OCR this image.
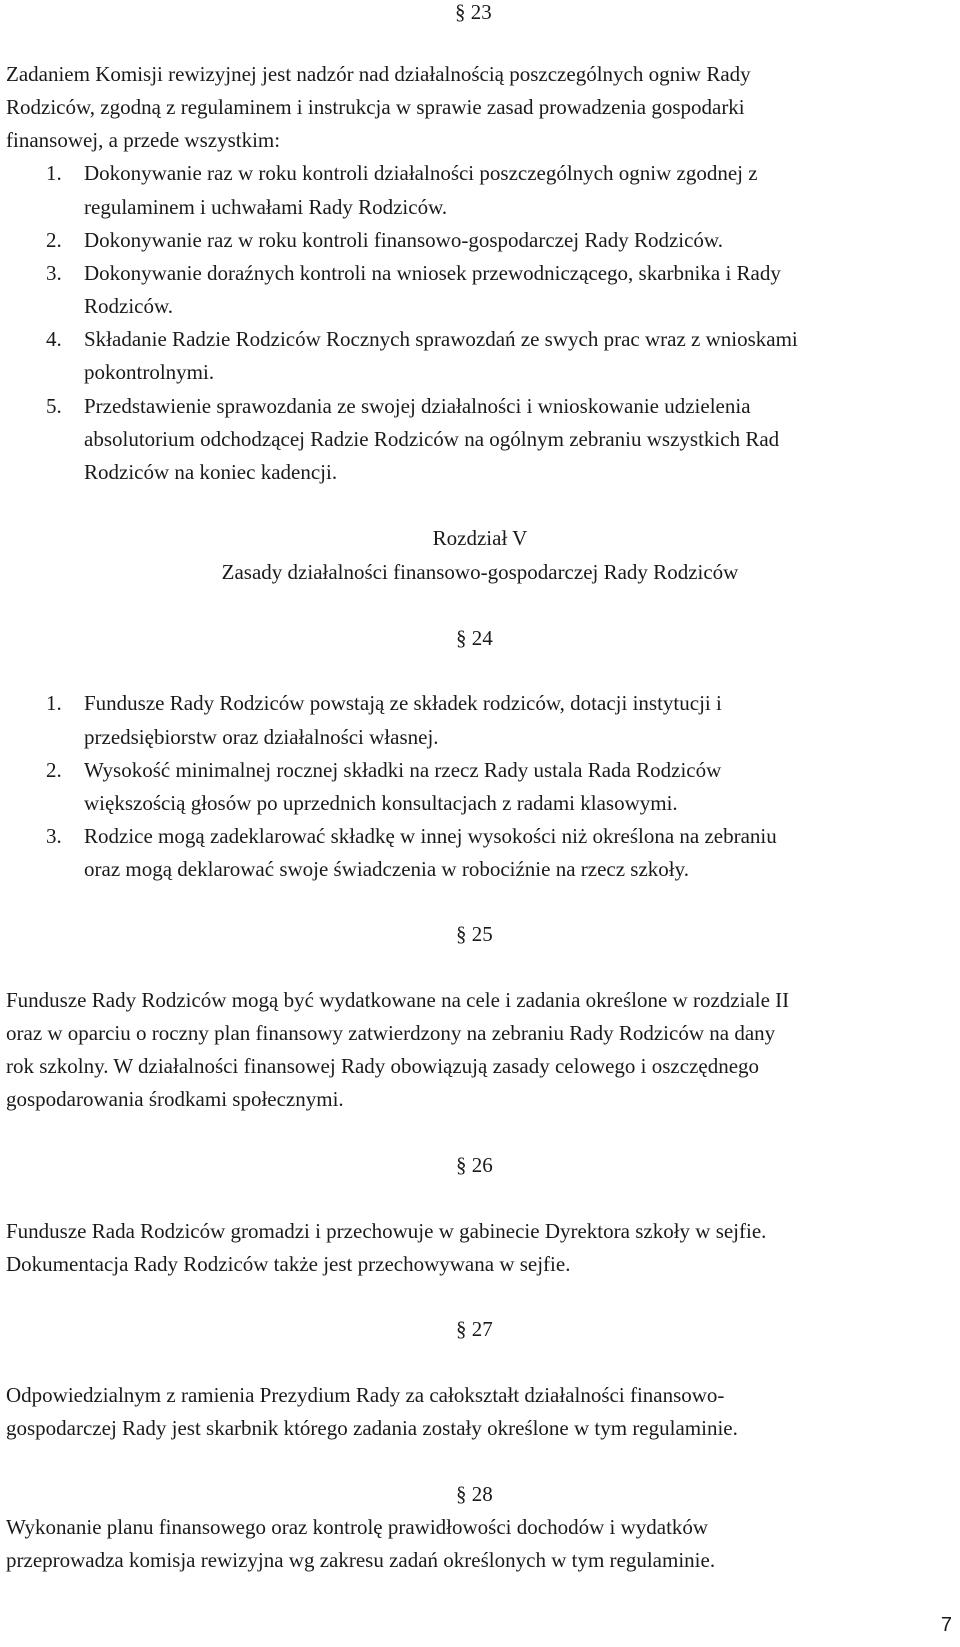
§ 23
Zadaniem Komisji rewizyjnej jest nadzór nad działalnością poszczególnych ogniw Rady
Rodziców, zgodną z regulaminem i instrukcja w sprawie zasad prowadzenia gospodarki
finansowej, a przede wszystkim:
1. Dokonywanie raz w roku kontroli działalności poszczególnych ogniw zgodnej z
regulaminem i uchwałami Rady Rodziców.
2. Dokonywanie raz w roku kontroli finansowo-gospodarczej Rady Rodziców.
3. Dokonywanie doraźnych kontroli na wniosek przewodniczącego, skarbnika i Rady
Rodziców.
4. Składanie Radzie Rodziców Rocznych sprawozdań ze swych prac wraz z wnioskami
pokontrolnymi.
5. Przedstawienie sprawozdania ze swojej działalności i wnioskowanie udzielenia
absolutorium odchodzącej Radzie Rodziców na ogólnym zebraniu wszystkich Rad
Rodziców na koniec kadencji.
Rozdział V
Zasady działalności finansowo-gospodarczej Rady Rodziców
§ 24
1. Fundusze Rady Rodziców powstają ze składek rodziców, dotacji instytucji i
przedsiębiorstw oraz działalności własnej.
2. Wysokość minimalnej rocznej składki na rzecz Rady ustala Rada Rodziców
większością głosów po uprzednich konsultacjach z radami klasowymi.
3. Rodzice mogą zadeklarować składkę w innej wysokości niż określona na zebraniu
oraz mogą deklarować swoje świadczenia w robociźnie na rzecz szkoły.
§ 25
Fundusze Rady Rodziców mogą być wydatkowane na cele i zadania określone w rozdziale II
oraz w oparciu o roczny plan finansowy zatwierdzony na zebraniu Rady Rodziców na dany
rok szkolny. W działalności finansowej Rady obowiązują zasady celowego i oszczędnego
gospodarowania środkami społecznymi.
§ 26
Fundusze Rada Rodziców gromadzi i przechowuje w gabinecie Dyrektora szkoły w sejfie.
Dokumentacja Rady Rodziców także jest przechowywana w sejfie.
§ 27
Odpowiedzialnym z ramienia Prezydium Rady za całokształt działalności finansowo-
gospodarczej Rady jest skarbnik którego zadania zostały określone w tym regulaminie.
§ 28
Wykonanie planu finansowego oraz kontrolę prawidłowości dochodów i wydatków
przeprowadza komisja rewizyjna wg zakresu zadań określonych w tym regulaminie.
7
